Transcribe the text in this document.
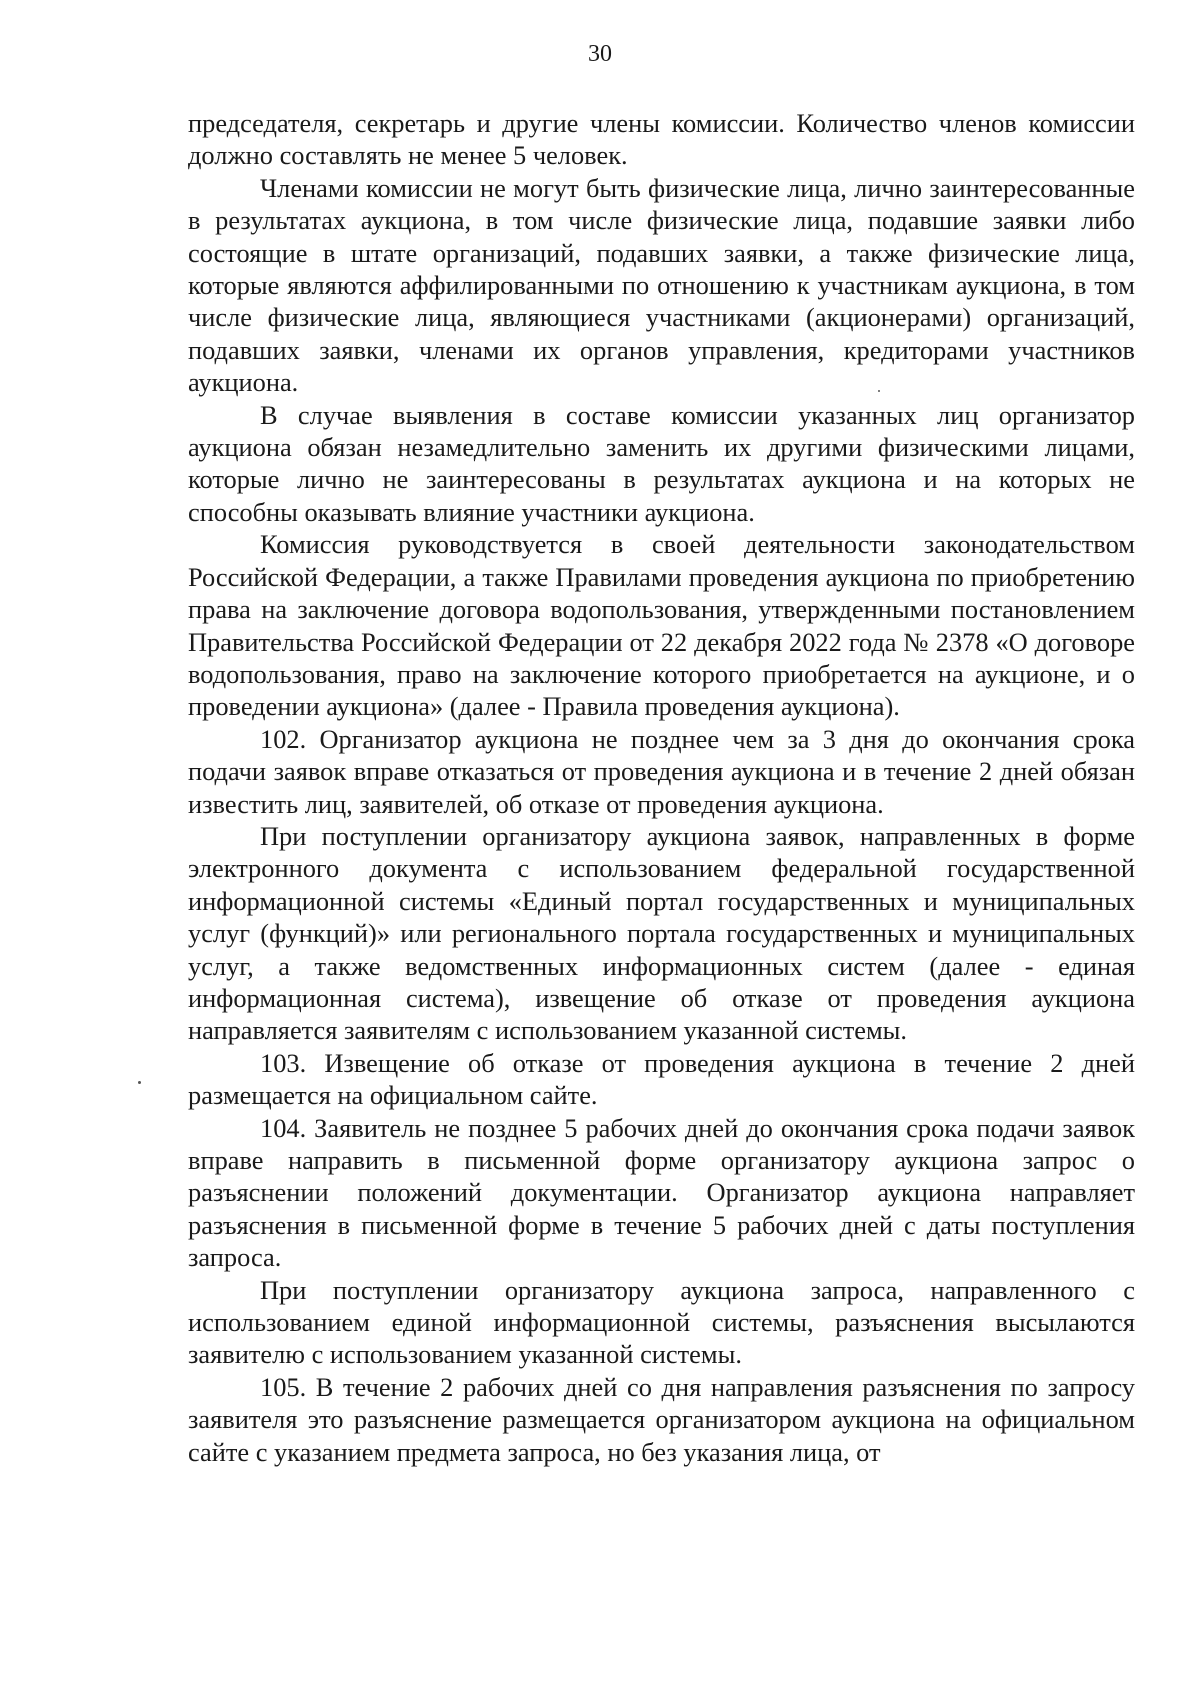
30

председателя, секретарь и другие члены комиссии. Количество членов комиссии должно составлять не менее 5 человек.

Членами комиссии не могут быть физические лица, лично заинтересованные в результатах аукциона, в том числе физические лица, подавшие заявки либо состоящие в штате организаций, подавших заявки, а также физические лица, которые являются аффилированными по отношению к участникам аукциона, в том числе физические лица, являющиеся участниками (акционерами) организаций, подавших заявки, членами их органов управления, кредиторами участников аукциона.

В случае выявления в составе комиссии указанных лиц организатор аукциона обязан незамедлительно заменить их другими физическими лицами, которые лично не заинтересованы в результатах аукциона и на которых не способны оказывать влияние участники аукциона.

Комиссия руководствуется в своей деятельности законодательством Российской Федерации, а также Правилами проведения аукциона по приобретению права на заключение договора водопользования, утвержденными постановлением Правительства Российской Федерации от 22 декабря 2022 года № 2378 «О договоре водопользования, право на заключение которого приобретается на аукционе, и о проведении аукциона» (далее - Правила проведения аукциона).

102. Организатор аукциона не позднее чем за 3 дня до окончания срока подачи заявок вправе отказаться от проведения аукциона и в течение 2 дней обязан известить лиц, заявителей, об отказе от проведения аукциона.

При поступлении организатору аукциона заявок, направленных в форме электронного документа с использованием федеральной государственной информационной системы «Единый портал государственных и муниципальных услуг (функций)» или регионального портала государственных и муниципальных услуг, а также ведомственных информационных систем (далее - единая информационная система), извещение об отказе от проведения аукциона направляется заявителям с использованием указанной системы.

103. Извещение об отказе от проведения аукциона в течение 2 дней размещается на официальном сайте.

104. Заявитель не позднее 5 рабочих дней до окончания срока подачи заявок вправе направить в письменной форме организатору аукциона запрос о разъяснении положений документации. Организатор аукциона направляет разъяснения в письменной форме в течение 5 рабочих дней с даты поступления запроса.

При поступлении организатору аукциона запроса, направленного с использованием единой информационной системы, разъяснения высылаются заявителю с использованием указанной системы.

105. В течение 2 рабочих дней со дня направления разъяснения по запросу заявителя это разъяснение размещается организатором аукциона на официальном сайте с указанием предмета запроса, но без указания лица, от
